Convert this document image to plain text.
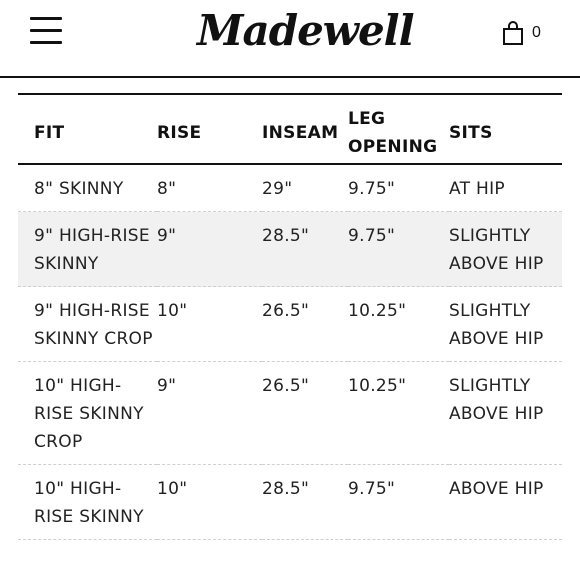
Madewell	0
FIT	RISE	INSEAM	LEG OPENING	SITS
8" SKINNY	8"	29"	9.75"	AT HIP
9" HIGH-RISE SKINNY	9"	28.5"	9.75"	SLIGHTLY ABOVE HIP
9" HIGH-RISE SKINNY CROP	10"	26.5"	10.25"	SLIGHTLY ABOVE HIP
10" HIGH-RISE SKINNY CROP	9"	26.5"	10.25"	SLIGHTLY ABOVE HIP
10" HIGH-RISE SKINNY	10"	28.5"	9.75"	ABOVE HIP
